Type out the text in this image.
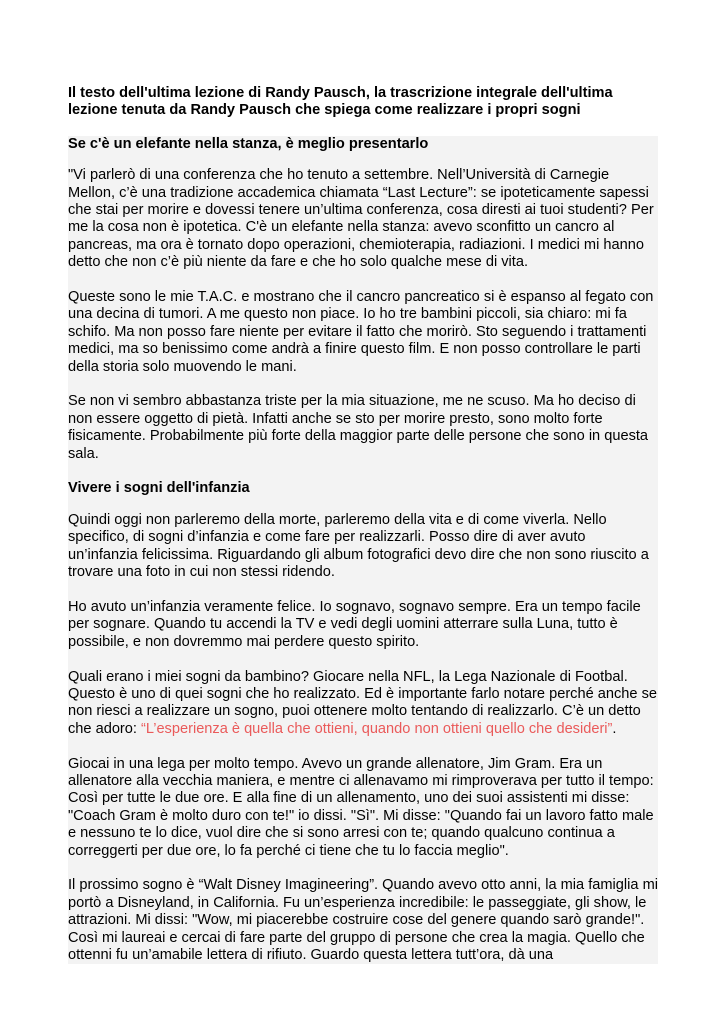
Il testo dell'ultima lezione di Randy Pausch, la trascrizione integrale dell'ultima lezione tenuta da Randy Pausch che spiega come realizzare i propri sogni
Se c'è un elefante nella stanza, è meglio presentarlo

"Vi parlerò di una conferenza che ho tenuto a settembre. Nell’Università di Carnegie Mellon, c’è una tradizione accademica chiamata “Last Lecture”: se ipoteticamente sapessi che stai per morire e dovessi tenere un’ultima conferenza, cosa diresti ai tuoi studenti? Per me la cosa non è ipotetica. C'è un elefante nella stanza: avevo sconfitto un cancro al pancreas, ma ora è tornato dopo operazioni, chemioterapia, radiazioni. I medici mi hanno detto che non c’è più niente da fare e che ho solo qualche mese di vita.

Queste sono le mie T.A.C. e mostrano che il cancro pancreatico si è espanso al fegato con una decina di tumori. A me questo non piace. Io ho tre bambini piccoli, sia chiaro: mi fa schifo. Ma non posso fare niente per evitare il fatto che morirò. Sto seguendo i trattamenti medici, ma so benissimo come andrà a finire questo film. E non posso controllare le parti della storia solo muovendo le mani.

Se non vi sembro abbastanza triste per la mia situazione, me ne scuso. Ma ho deciso di non essere oggetto di pietà. Infatti anche se sto per morire presto, sono molto forte fisicamente. Probabilmente più forte della maggior parte delle persone che sono in questa sala.

Vivere i sogni dell'infanzia

Quindi oggi non parleremo della morte, parleremo della vita e di come viverla. Nello specifico, di sogni d’infanzia e come fare per realizzarli. Posso dire di aver avuto un’infanzia felicissima. Riguardando gli album fotografici devo dire che non sono riuscito a trovare una foto in cui non stessi ridendo.

Ho avuto un’infanzia veramente felice. Io sognavo, sognavo sempre. Era un tempo facile per sognare. Quando tu accendi la TV e vedi degli uomini atterrare sulla Luna, tutto è possibile, e non dovremmo mai perdere questo spirito.

Quali erano i miei sogni da bambino? Giocare nella NFL, la Lega Nazionale di Footbal. Questo è uno di quei sogni che ho realizzato. Ed è importante farlo notare perché anche se non riesci a realizzare un sogno, puoi ottenere molto tentando di realizzarlo. C’è un detto che adoro: “L’esperienza è quella che ottieni, quando non ottieni quello che desideri”.

Giocai in una lega per molto tempo. Avevo un grande allenatore, Jim Gram. Era un allenatore alla vecchia maniera, e mentre ci allenavamo mi rimproverava per tutto il tempo: Così per tutte le due ore. E alla fine di un allenamento, uno dei suoi assistenti mi disse: "Coach Gram è molto duro con te!" io dissi. "Sì". Mi disse: "Quando fai un lavoro fatto male e nessuno te lo dice, vuol dire che si sono arresi con te; quando qualcuno continua a correggerti per due ore, lo fa perché ci tiene che tu lo faccia meglio".

Il prossimo sogno è “Walt Disney Imagineering”. Quando avevo otto anni, la mia famiglia mi portò a Disneyland, in California. Fu un’esperienza incredibile: le passeggiate, gli show, le attrazioni. Mi dissi: "Wow, mi piacerebbe costruire cose del genere quando sarò grande!". Così mi laureai e cercai di fare parte del gruppo di persone che crea la magia. Quello che ottenni fu un’amabile lettera di rifiuto. Guardo questa lettera tutt’ora, dà una
